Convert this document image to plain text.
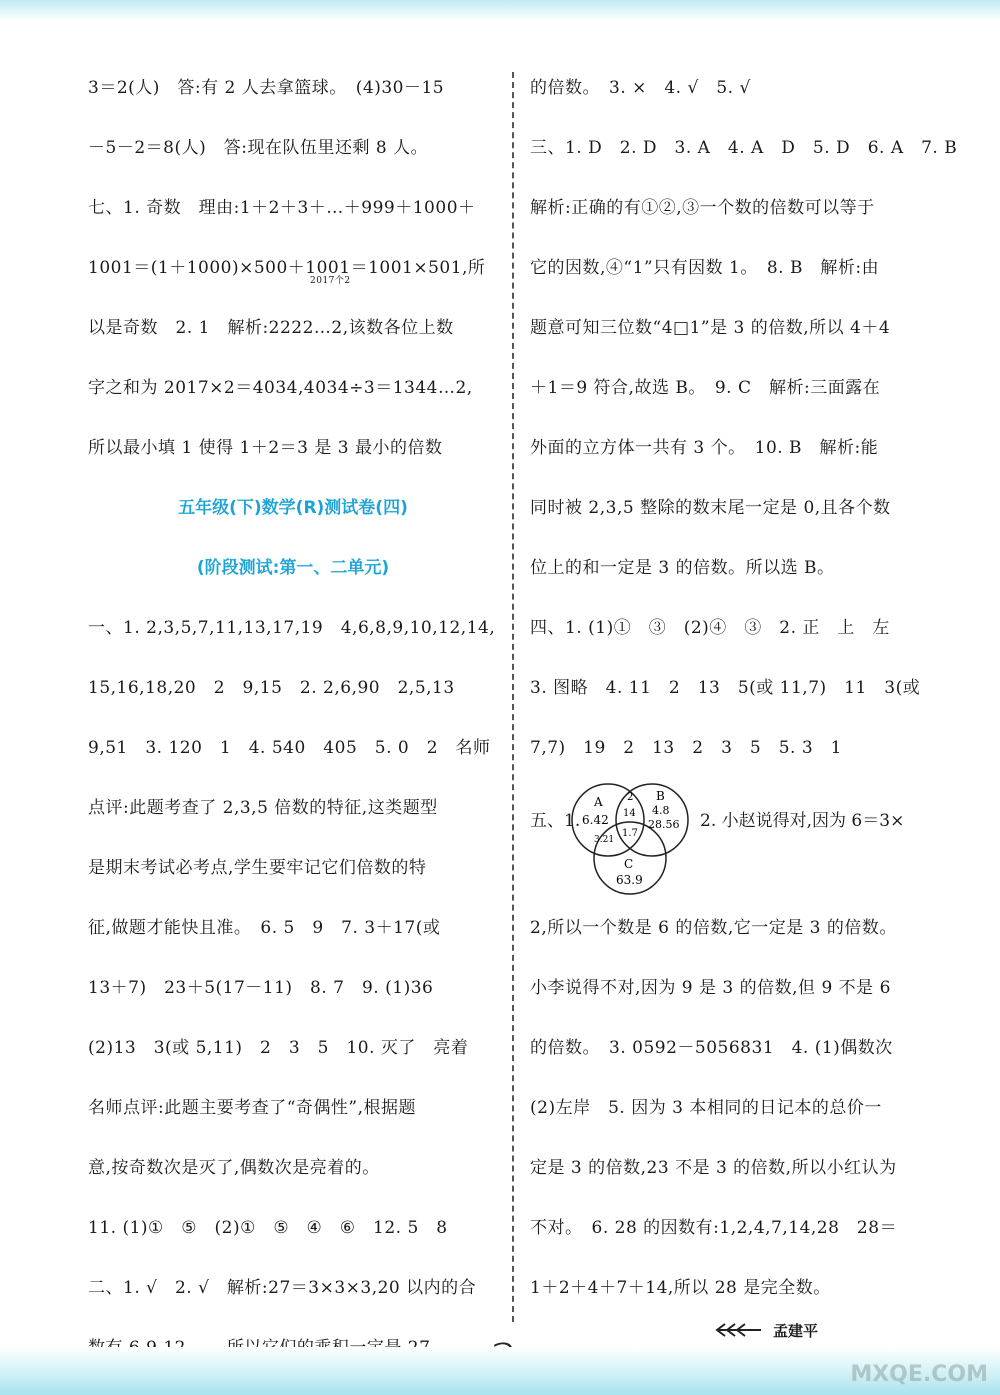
3＝2(人)　答:有 2 人去拿篮球。　(4)30－15
－5－2＝8(人)　答:现在队伍里还剩 8 人。
七、1. 奇数　理由:1＋2＋3＋…＋999＋1000＋
1001＝(1＋1000)×500＋1001＝1001×501,所
2017个2
以是奇数　2. 1　解析:2222…2,该数各位上数
字之和为 2017×2＝4034,4034÷3＝1344…2,
所以最小填 1 使得 1＋2＝3 是 3 最小的倍数
五年级(下)数学(R)测试卷(四)
(阶段测试:第一、二单元)
一、1. 2,3,5,7,11,13,17,19　4,6,8,9,10,12,14,
15,16,18,20　2　9,15　2. 2,6,90　2,5,13
9,51　3. 120　1　4. 540　405　5. 0　2　名师
点评:此题考查了 2,3,5 倍数的特征,这类题型
是期末考试必考点,学生要牢记它们倍数的特
征,做题才能快且准。　6. 5　9　7. 3＋17(或
13＋7)　23＋5(17－11)　8. 7　9. (1)36
(2)13　3(或 5,11)　2　3　5　10. 灭了　亮着
名师点评:此题主要考查了“奇偶性”,根据题
意,按奇数次是灭了,偶数次是亮着的。
11. (1)①　⑤　(2)①　⑤　④　⑥　12. 5　8
二、1. √　2. √　解析:27＝3×3×3,20 以内的合
的倍数。　3. ×　4. √　5. √
三、1. D　2. D　3. A　4. A　D　5. D　6. A　7. B
解析:正确的有①②,③一个数的倍数可以等于
它的因数,④“1”只有因数 1。　8. B　解析:由
题意可知三位数“4□1”是 3 的倍数,所以 4＋4
＋1＝9 符合,故选 B。　9. C　解析:三面露在
外面的立方体一共有 3 个。　10. B　解析:能
同时被 2,3,5 整除的数末尾一定是 0,且各个数
位上的和一定是 3 的倍数。所以选 B。
四、1. (1)①　③　(2)④　③　2. 正　上　左
3. 图略　4. 11　2　13　5(或 11,7)　11　3(或
7,7)　19　2　13　2　3　5　5. 3　1
五、1.
A
6.42
B
4.8
28.56
2
14
1.7
3.21
C
63.9
2. 小赵说得对,因为 6＝3×
2,所以一个数是 6 的倍数,它一定是 3 的倍数。
小李说得不对,因为 9 是 3 的倍数,但 9 不是 6
的倍数。　3. 0592－5056831　4. (1)偶数次
(2)左岸　5. 因为 3 本相同的日记本的总价一
定是 3 的倍数,23 不是 3 的倍数,所以小红认为
不对。　6. 28 的因数有:1,2,4,7,14,28　28＝
1＋2＋4＋7＋14,所以 28 是完全数。
孟建平
MXQE.COM
